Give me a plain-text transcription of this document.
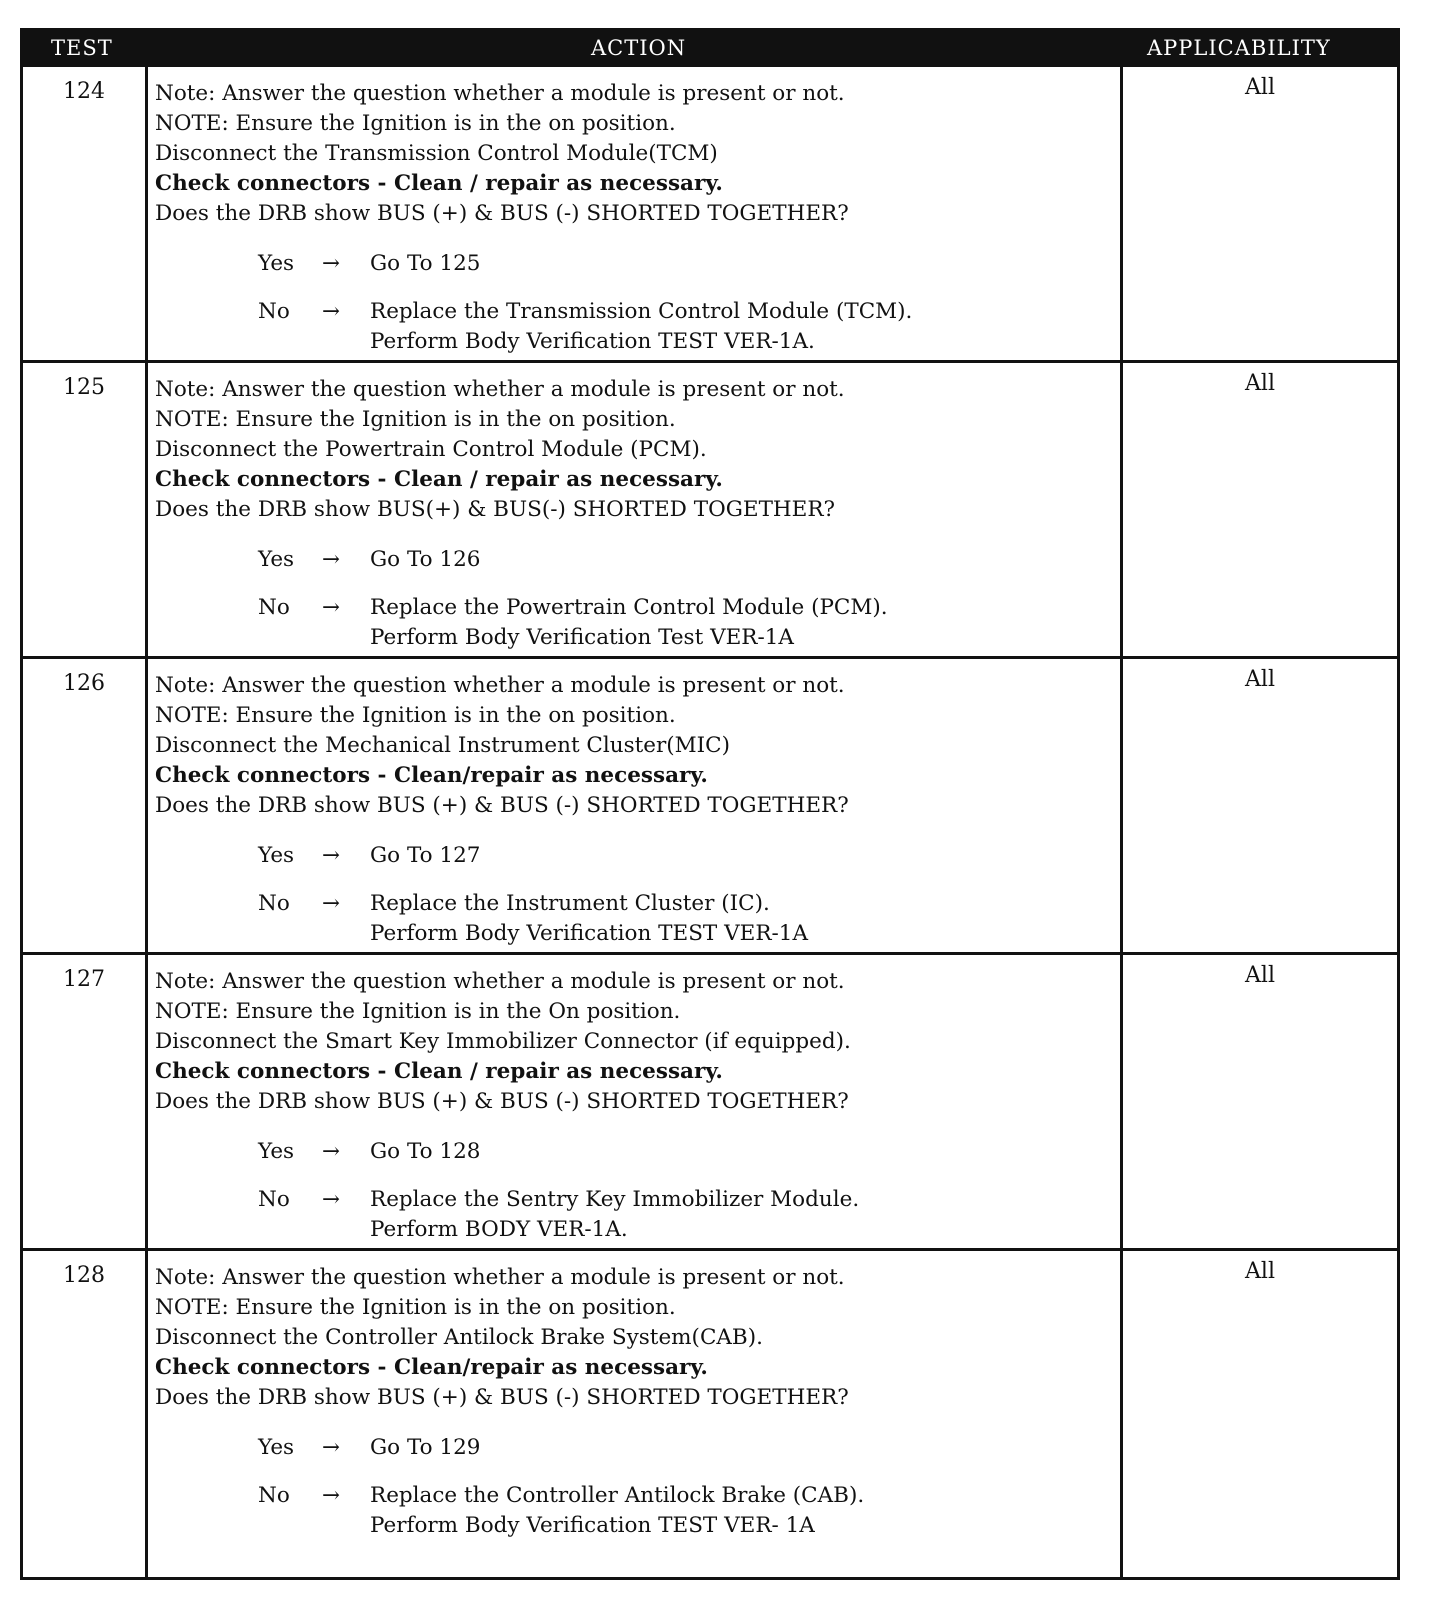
TEST	ACTION	APPLICABILITY
124	Note: Answer the question whether a module is present or not.
NOTE: Ensure the Ignition is in the on position.
Disconnect the Transmission Control Module(TCM)
Check connectors - Clean / repair as necessary.
Does the DRB show BUS (+) & BUS (-) SHORTED TOGETHER?
Yes → Go To 125
No → Replace the Transmission Control Module (TCM).
Perform Body Verification TEST VER-1A.
All
125	Note: Answer the question whether a module is present or not.
NOTE: Ensure the Ignition is in the on position.
Disconnect the Powertrain Control Module (PCM).
Check connectors - Clean / repair as necessary.
Does the DRB show BUS(+) & BUS(-) SHORTED TOGETHER?
Yes → Go To 126
No → Replace the Powertrain Control Module (PCM).
Perform Body Verification Test VER-1A
All
126	Note: Answer the question whether a module is present or not.
NOTE: Ensure the Ignition is in the on position.
Disconnect the Mechanical Instrument Cluster(MIC)
Check connectors - Clean/repair as necessary.
Does the DRB show BUS (+) & BUS (-) SHORTED TOGETHER?
Yes → Go To 127
No → Replace the Instrument Cluster (IC).
Perform Body Verification TEST VER-1A
All
127	Note: Answer the question whether a module is present or not.
NOTE: Ensure the Ignition is in the On position.
Disconnect the Smart Key Immobilizer Connector (if equipped).
Check connectors - Clean / repair as necessary.
Does the DRB show BUS (+) & BUS (-) SHORTED TOGETHER?
Yes → Go To 128
No → Replace the Sentry Key Immobilizer Module.
Perform BODY VER-1A.
All
128	Note: Answer the question whether a module is present or not.
NOTE: Ensure the Ignition is in the on position.
Disconnect the Controller Antilock Brake System(CAB).
Check connectors - Clean/repair as necessary.
Does the DRB show BUS (+) & BUS (-) SHORTED TOGETHER?
Yes → Go To 129
No → Replace the Controller Antilock Brake (CAB).
Perform Body Verification TEST VER- 1A
All
